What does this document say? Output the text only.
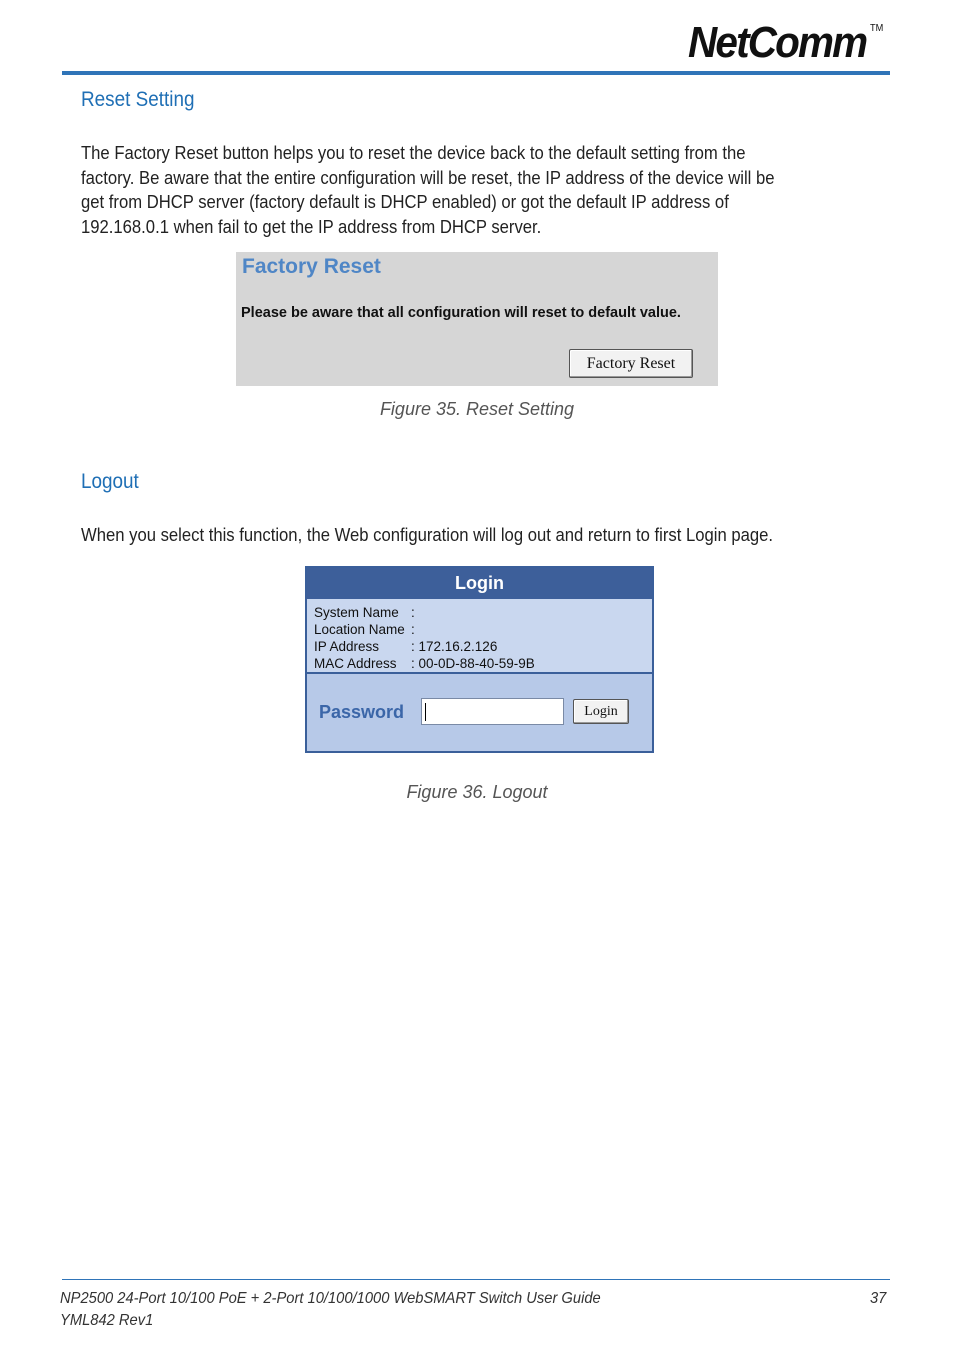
NetComm ™
Reset Setting

The Factory Reset button helps you to reset the device back to the default setting from the factory. Be aware that the entire configuration will be reset, the IP address of the device will be get from DHCP server (factory default is DHCP enabled) or got the default IP address of 192.168.0.1 when fail to get the IP address from DHCP server.

Factory Reset
Please be aware that all configuration will reset to default value.
Factory Reset

Figure 35. Reset Setting

Logout

When you select this function, the Web configuration will log out and return to first Login page.

Login
System Name :
Location Name :
IP Address : 172.16.2.126
MAC Address : 00-0D-88-40-59-9B
Password	Login

Figure 36. Logout

NP2500 24-Port 10/100 PoE + 2-Port 10/100/1000 WebSMART Switch User Guide

YML842 Rev1

37
